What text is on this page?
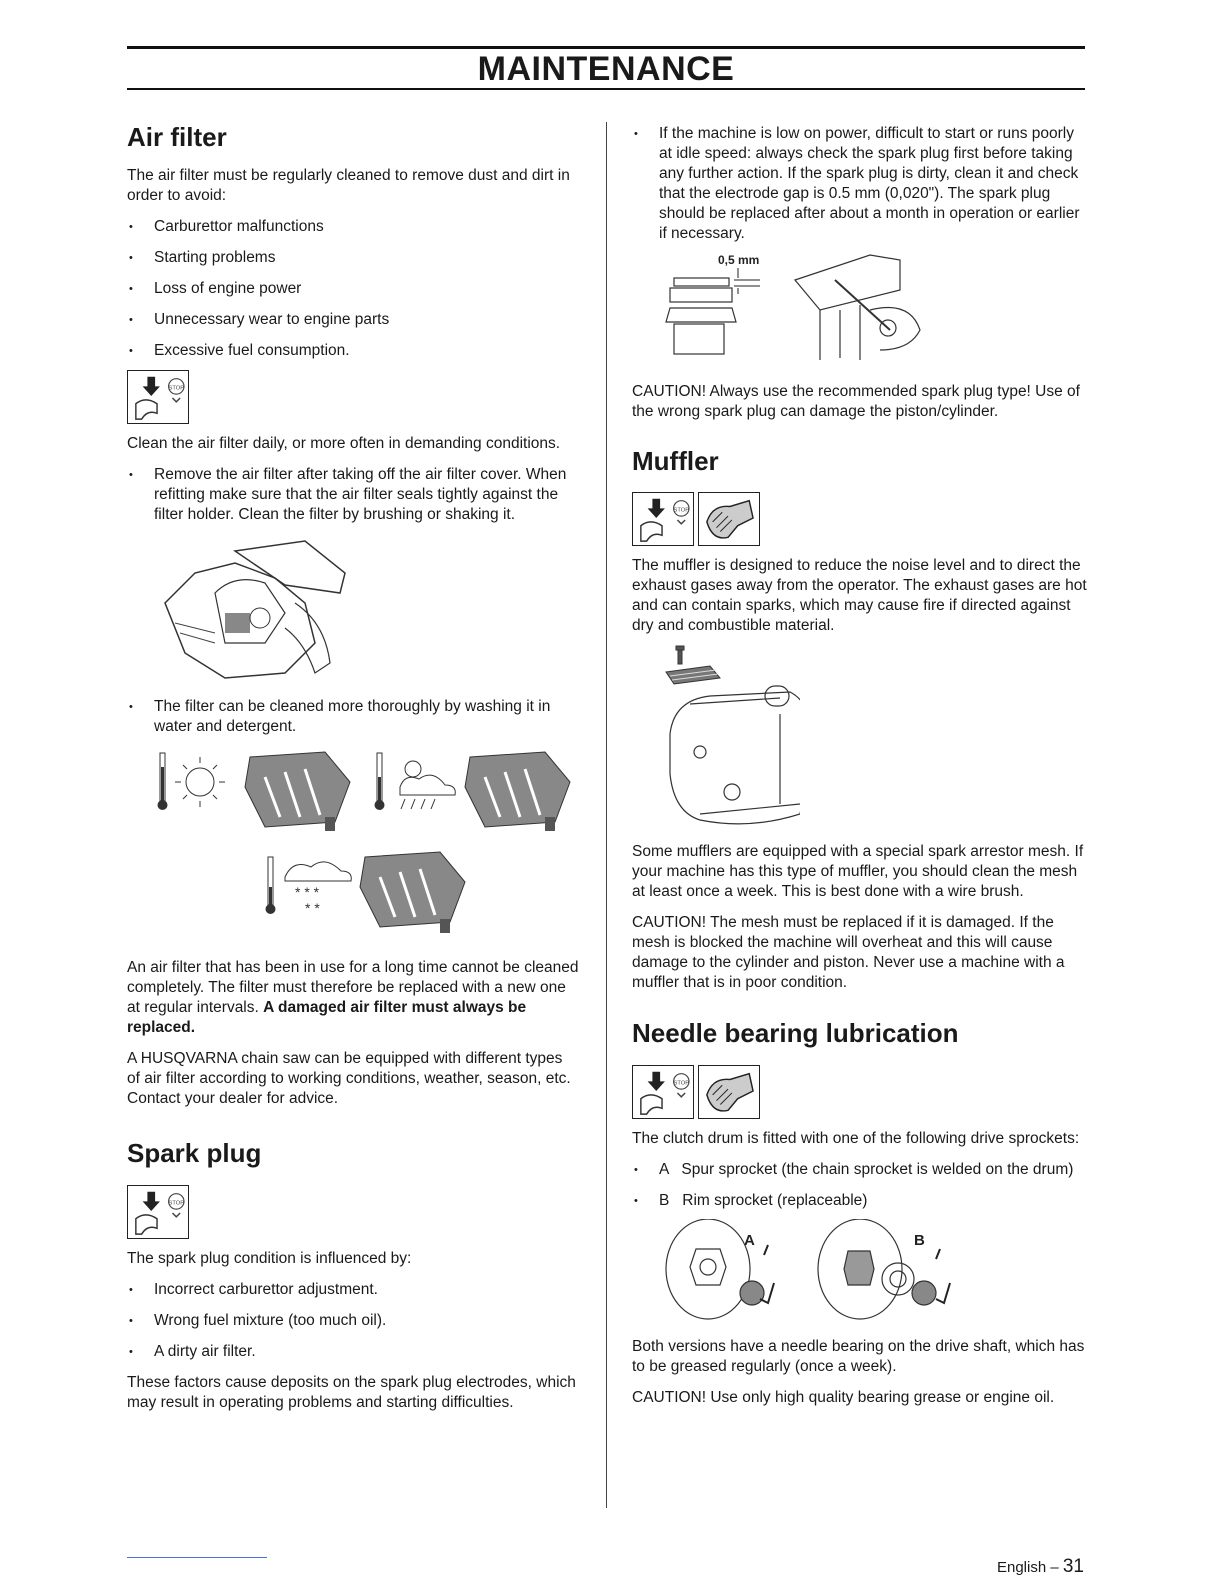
MAINTENANCE
Air filter

The air filter must be regularly cleaned to remove dust and dirt in order to avoid:

• Carburettor malfunctions
• Starting problems
• Loss of engine power
• Unnecessary wear to engine parts
• Excessive fuel consumption.
STOP

Clean the air filter daily, or more often in demanding conditions.

• Remove the air filter after taking off the air filter cover. When refitting make sure that the air filter seals tightly against the filter holder. Clean the filter by brushing or shaking it.
• The filter can be cleaned more thoroughly by washing it in water and detergent.
* * *
* *

An air filter that has been in use for a long time cannot be cleaned completely. The filter must therefore be replaced with a new one at regular intervals. A damaged air filter must always be replaced.

A HUSQVARNA chain saw can be equipped with different types of air filter according to working conditions, weather, season, etc. Contact your dealer for advice.

Spark plug
STOP

The spark plug condition is influenced by:

• Incorrect carburettor adjustment.
• Wrong fuel mixture (too much oil).
• A dirty air filter.

These factors cause deposits on the spark plug electrodes, which may result in operating problems and starting difficulties.

• If the machine is low on power, difficult to start or runs poorly at idle speed: always check the spark plug first before taking any further action. If the spark plug is dirty, clean it and check that the electrode gap is 0.5 mm (0,020"). The spark plug should be replaced after about a month in operation or earlier if necessary.
0,5 mm

CAUTION! Always use the recommended spark plug type! Use of the wrong spark plug can damage the piston/cylinder.

Muffler
STOP

The muffler is designed to reduce the noise level and to direct the exhaust gases away from the operator. The exhaust gases are hot and can contain sparks, which may cause fire if directed against dry and combustible material.

Some mufflers are equipped with a special spark arrestor mesh. If your machine has this type of muffler, you should clean the mesh at least once a week. This is best done with a wire brush.

CAUTION! The mesh must be replaced if it is damaged. If the mesh is blocked the machine will overheat and this will cause damage to the cylinder and piston. Never use a machine with a muffler that is in poor condition.

Needle bearing lubrication
STOP

The clutch drum is fitted with one of the following drive sprockets:

• A   Spur sprocket (the chain sprocket is welded on the drum)
• B   Rim sprocket (replaceable)
A	B

Both versions have a needle bearing on the drive shaft, which has to be greased regularly (once a week).

CAUTION! Use only high quality bearing grease or engine oil.

English – 31
